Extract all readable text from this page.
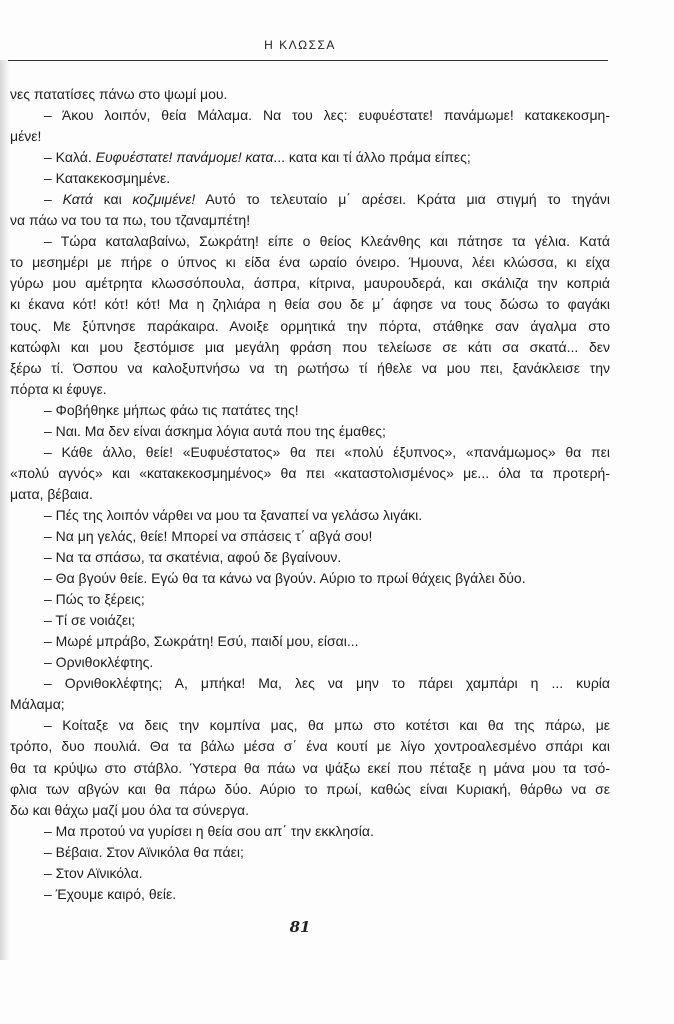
Η ΚΛΩΣΣΑ
νες πατατίσες πάνω στο ψωμί μου.
– Άκου λοιπόν, θεία Μάλαμα. Να του λες: ευφυέστατε! πανάμωμε! κατακεκοσμη-
μένε!
– Καλά. Ευφυέστατε! πανάμομε! κατα... κατα και τί άλλο πράμα είπες;
– Κατακεκοσμημένε.
– Κατά και κοζμιμένε! Αυτό το τελευταίο μ΄ αρέσει. Κράτα μια στιγμή το τηγάνι
να πάω να του τα πω, του τζαναμπέτη!
– Τώρα καταλαβαίνω, Σωκράτη! είπε ο θείος Κλεάνθης και πάτησε τα γέλια. Κατά
το μεσημέρι με πήρε ο ύπνος κι είδα ένα ωραίο όνειρο. Ήμουνα, λέει κλώσσα, κι είχα
γύρω μου αμέτρητα κλωσσόπουλα, άσπρα, κίτρινα, μαυρουδερά, και σκάλιζα την κοπριά
κι έκανα κότ! κότ! κότ! Μα η ζηλιάρα η θεία σου δε μ΄ άφησε να τους δώσω το φαγάκι
τους. Με ξύπνησε παράκαιρα. Ανοιξε ορμητικά την πόρτα, στάθηκε σαν άγαλμα στο
κατώφλι και μου ξεστόμισε μια μεγάλη φράση που τελείωσε σε κάτι σα σκατά... δεν
ξέρω τί. Όσπου να καλοξυπνήσω να τη ρωτήσω τί ήθελε να μου πει, ξανάκλεισε την
πόρτα κι έφυγε.
– Φοβήθηκε μήπως φάω τις πατάτες της!
– Ναι. Μα δεν είναι άσκημα λόγια αυτά που της έμαθες;
– Κάθε άλλο, θείε! «Ευφυέστατος» θα πει «πολύ έξυπνος», «πανάμωμος» θα πει
«πολύ αγνός» και «κατακεκοσμημένος» θα πει «καταστολισμένος» με... όλα τα προτερή-
ματα, βέβαια.
– Πές της λοιπόν νάρθει να μου τα ξαναπεί να γελάσω λιγάκι.
– Να μη γελάς, θείε! Μπορεί να σπάσεις τ΄ αβγά σου!
– Να τα σπάσω, τα σκατένια, αφού δε βγαίνουν.
– Θα βγούν θείε. Εγώ θα τα κάνω να βγούν. Αύριο το πρωί θάχεις βγάλει δύο.
– Πώς το ξέρεις;
– Τί σε νοιάζει;
– Μωρέ μπράβο, Σωκράτη! Εσύ, παιδί μου, είσαι...
– Ορνιθοκλέφτης.
– Ορνιθοκλέφτης; Α, μπήκα! Μα, λες να μην το πάρει χαμπάρι η ... κυρία
Μάλαμα;
– Κοίταξε να δεις την κομπίνα μας, θα μπω στο κοτέτσι και θα της πάρω, με
τρόπο, δυο πουλιά. Θα τα βάλω μέσα σ΄ ένα κουτί με λίγο χοντροαλεσμένο σπάρι και
θα τα κρύψω στο στάβλο. Ύστερα θα πάω να ψάξω εκεί που πέταξε η μάνα μου τα τσό-
φλια των αβγών και θα πάρω δύο. Αύριο το πρωί, καθώς είναι Κυριακή, θάρθω να σε
δω και θάχω μαζί μου όλα τα σύνεργα.
– Μα προτού να γυρίσει η θεία σου απ΄ την εκκλησία.
– Βέβαια. Στον Αϊνικόλα θα πάει;
– Στον Αϊνικόλα.
– Έχουμε καιρό, θείε.
81
